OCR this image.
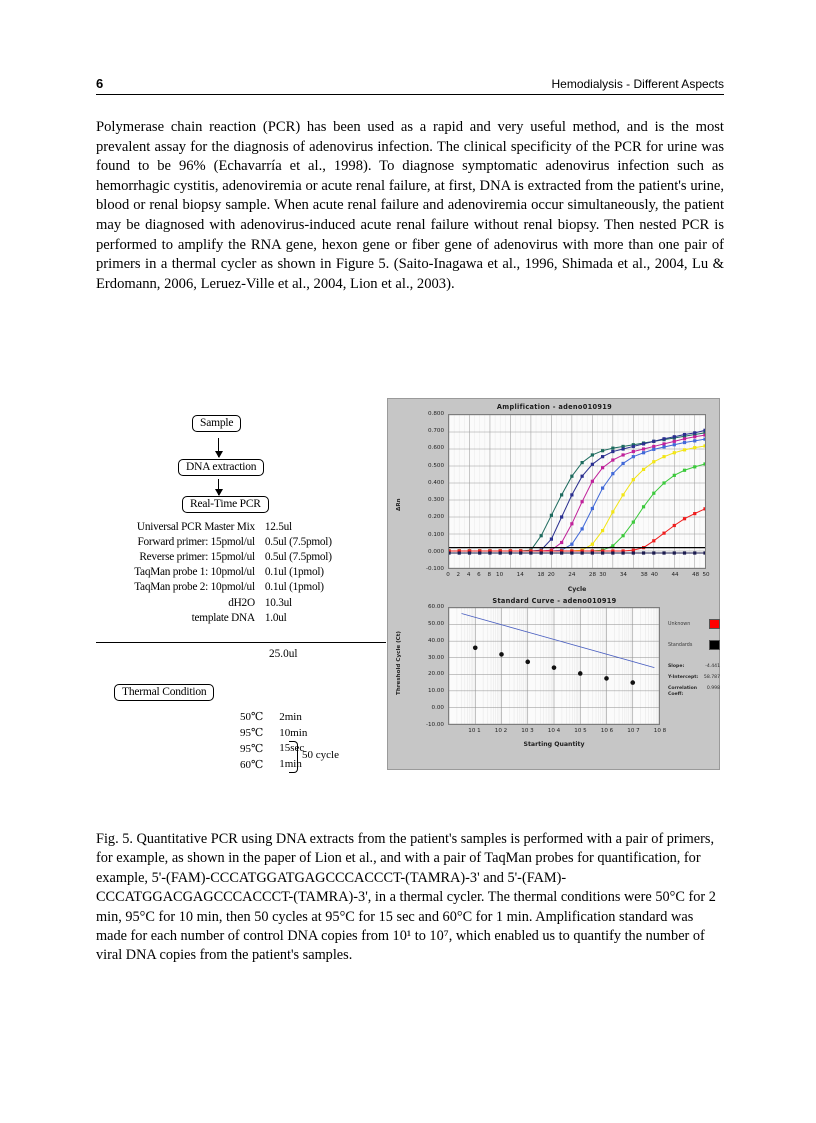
6	Hemodialysis - Different Aspects
Polymerase chain reaction (PCR) has been used as a rapid and very useful method, and is the most prevalent assay for the diagnosis of adenovirus infection. The clinical specificity of the PCR for urine was found to be 96% (Echavarría et al., 1998). To diagnose symptomatic adenovirus infection such as hemorrhagic cystitis, adenoviremia or acute renal failure, at first, DNA is extracted from the patient's urine, blood or renal biopsy sample. When acute renal failure and adenoviremia occur simultaneously, the patient may be diagnosed with adenovirus-induced acute renal failure without renal biopsy. Then nested PCR is performed to amplify the RNA gene, hexon gene or fiber gene of adenovirus with more than one pair of primers in a thermal cycler as shown in Figure 5. (Saito-Inagawa et al., 1996, Shimada et al., 2004, Lu & Erdomann, 2006, Leruez-Ville et al., 2004, Lion et al., 2003).
Sample
DNA extraction
Real-Time PCR
Universal PCR Master Mix	12.5ul
Forward primer: 15pmol/ul	0.5ul (7.5pmol)
Reverse primer: 15pmol/ul	0.5ul (7.5pmol)
TaqMan probe 1: 10pmol/ul	0.1ul (1pmol)
TaqMan probe 2: 10pmol/ul	0.1ul (1pmol)
dH2O	10.3ul
template DNA	1.0ul
25.0ul
Thermal Condition
50℃	2min
95℃	10min
95℃	15sec
60℃	1min
50 cycle
Amplification - adeno010919
ΔRn
0.800
0.700
0.600
0.500
0.400
0.300
0.200
0.100
0.000
-0.100
0	2	4	6	8 10	14	18 20	24	28 30	34	38 40	44	48 50
Cycle
Standard Curve - adeno010919
Threshold Cycle (Ct)
60.00
50.00
40.00
30.00
20.00
10.00
0.00
-10.00
10 1	10 2	10 3	10 4	10 5	10 6	10 7	10 8
Starting Quantity
Unknown
Standards
Slope:	-4.441
Y-Intercept: 58.787
Correlation Coeff:
0.998
Fig. 5. Quantitative PCR using DNA extracts from the patient's samples is performed with a pair of primers, for example, as shown in the paper of Lion et al., and with a pair of TaqMan probes for quantification, for example, 5'-(FAM)-CCCATGGATGAGCCCACCCT-(TAMRA)-3' and 5'-(FAM)-CCCATGGACGAGCCCACCCT-(TAMRA)-3', in a thermal cycler. The thermal conditions were 50°C for 2 min, 95°C for 10 min, then 50 cycles at 95°C for 15 sec and 60°C for 1 min. Amplification standard was made for each number of control DNA copies from 10¹ to 10⁷, which enabled us to quantify the number of viral DNA copies from the patient's samples.
